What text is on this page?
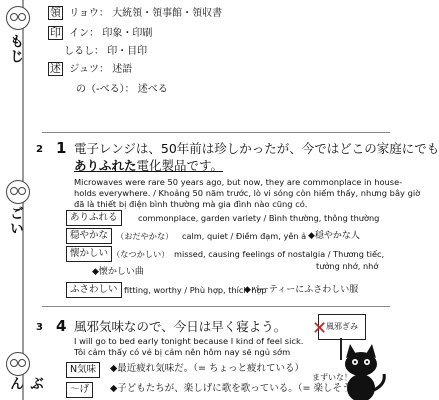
もじ
領 リョウ： 大統領・領事館・領収書
印 イン： 印象・印刷
しるし： 印・目印
述 ジュツ： 述語
の（-べる）： 述べる
2 1 電子レンジは、50年前は珍しかったが、今ではどこの家庭にでも
ありふれた電化製品です。
Microwaves were rare 50 years ago, but now, they are commonplace in house-
holds everywhere. / Khoảng 50 năm trước, lò vi sóng còn hiếm thấy, nhưng bây giờ
đã là thiết bị điện bình thường mà gia đình nào cũng có.
ごい	ありふれる	commonplace, garden variety / Bình thường, thông thường
穏やかな （おだやかな） calm, quiet / Điềm đạm, yên ả ◆穏やかな人
懐かしい （なつかしい） missed, causing feelings of nostalgia / Thương tiếc,
tưởng nhớ, nhớ
◆懐かしい曲
ふさわしい fitting, worthy / Phù hợp, thích hợp
◆パーティーにふさわしい服
3 4 風邪気味なので、今日は早く寝よう。
I will go to bed early tonight because I kind of feel sick.
Tôi cảm thấy có vẻ bị cảm nên hôm nay sẽ ngủ sớm
ぶん
風邪ぎみ
✕
まずいな！
N気味	◆最近疲れ気味だ。（= ちょっと疲れている）
～げ	◆子どもたちが、楽しげに歌を歌っている。（= 楽しそうに）
